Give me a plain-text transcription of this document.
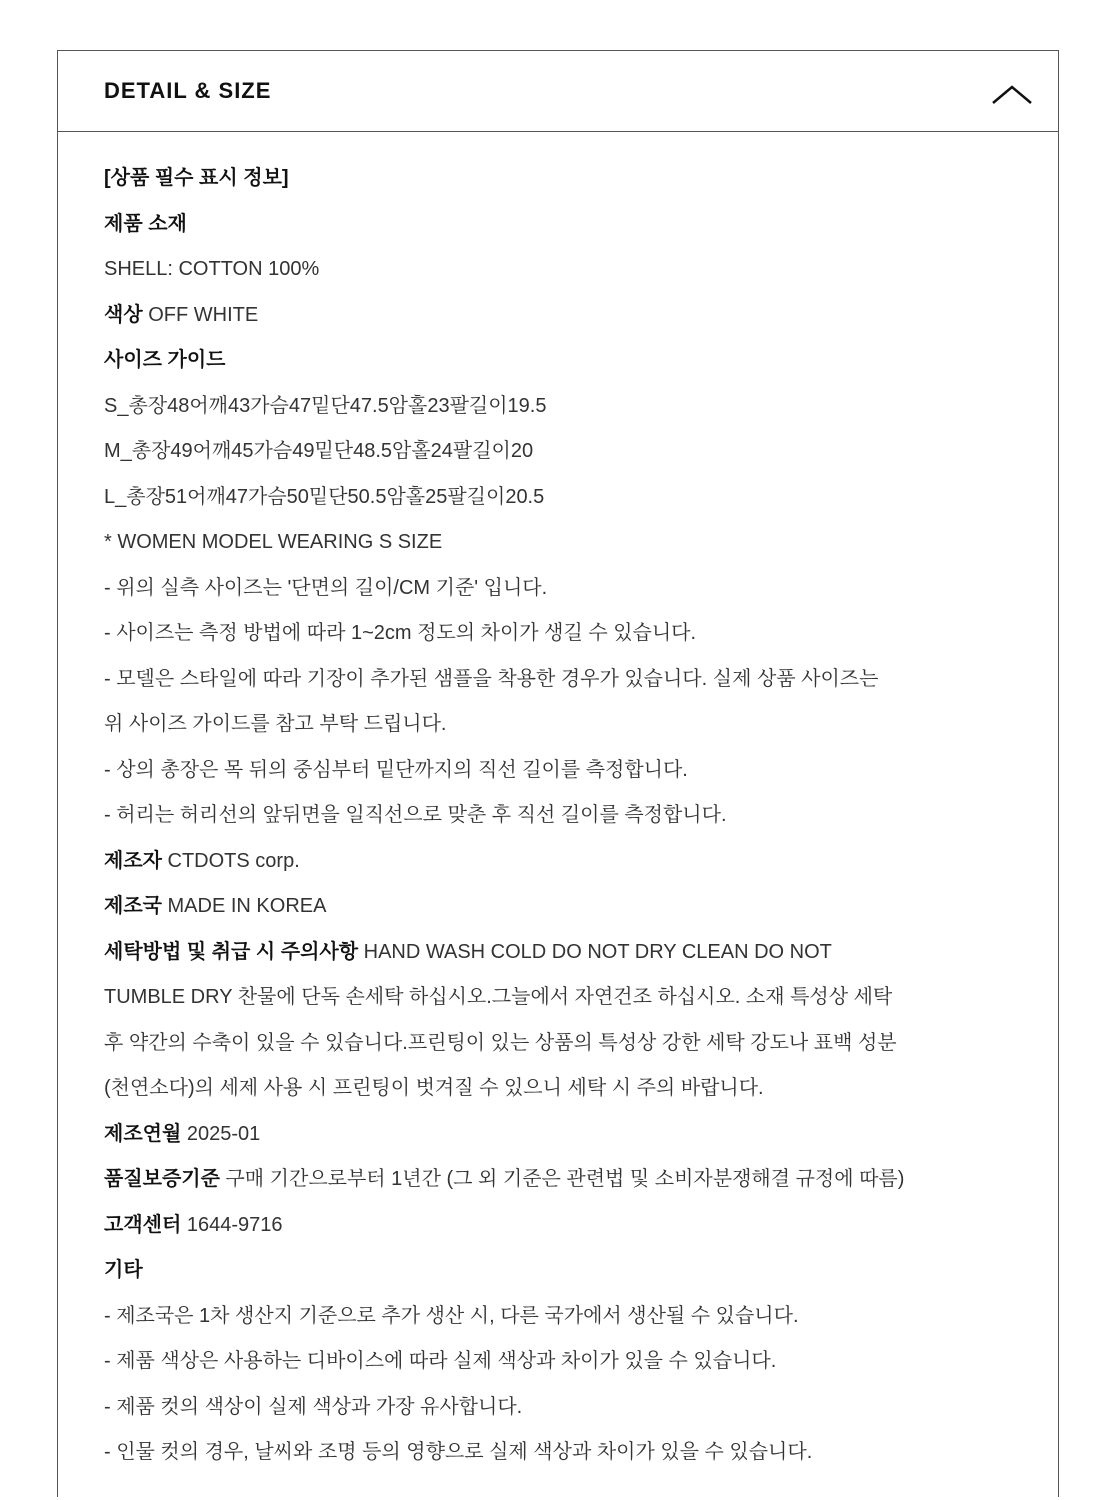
DETAIL & SIZE
[상품 필수 표시 정보]
제품 소재
SHELL: COTTON 100%
색상 OFF WHITE
사이즈 가이드
S_총장48어깨43가슴47밑단47.5암홀23팔길이19.5
M_총장49어깨45가슴49밑단48.5암홀24팔길이20
L_총장51어깨47가슴50밑단50.5암홀25팔길이20.5
* WOMEN MODEL WEARING S SIZE
- 위의 실측 사이즈는 '단면의 길이/CM 기준' 입니다.
- 사이즈는 측정 방법에 따라 1~2cm 정도의 차이가 생길 수 있습니다.
- 모델은 스타일에 따라 기장이 추가된 샘플을 착용한 경우가 있습니다. 실제 상품 사이즈는
위 사이즈 가이드를 참고 부탁 드립니다.
- 상의 총장은 목 뒤의 중심부터 밑단까지의 직선 길이를 측정합니다.
- 허리는 허리선의 앞뒤면을 일직선으로 맞춘 후 직선 길이를 측정합니다.
제조자 CTDOTS corp.
제조국 MADE IN KOREA
세탁방법 및 취급 시 주의사항 HAND WASH COLD DO NOT DRY CLEAN DO NOT
TUMBLE DRY 찬물에 단독 손세탁 하십시오.그늘에서 자연건조 하십시오. 소재 특성상 세탁
후 약간의 수축이 있을 수 있습니다.프린팅이 있는 상품의 특성상 강한 세탁 강도나 표백 성분
(천연소다)의 세제 사용 시 프린팅이 벗겨질 수 있으니 세탁 시 주의 바랍니다.
제조연월 2025-01
품질보증기준 구매 기간으로부터 1년간 (그 외 기준은 관련법 및 소비자분쟁해결 규정에 따름)
고객센터 1644-9716
기타
- 제조국은 1차 생산지 기준으로 추가 생산 시, 다른 국가에서 생산될 수 있습니다.
- 제품 색상은 사용하는 디바이스에 따라 실제 색상과 차이가 있을 수 있습니다.
- 제품 컷의 색상이 실제 색상과 가장 유사합니다.
- 인물 컷의 경우, 날씨와 조명 등의 영향으로 실제 색상과 차이가 있을 수 있습니다.
